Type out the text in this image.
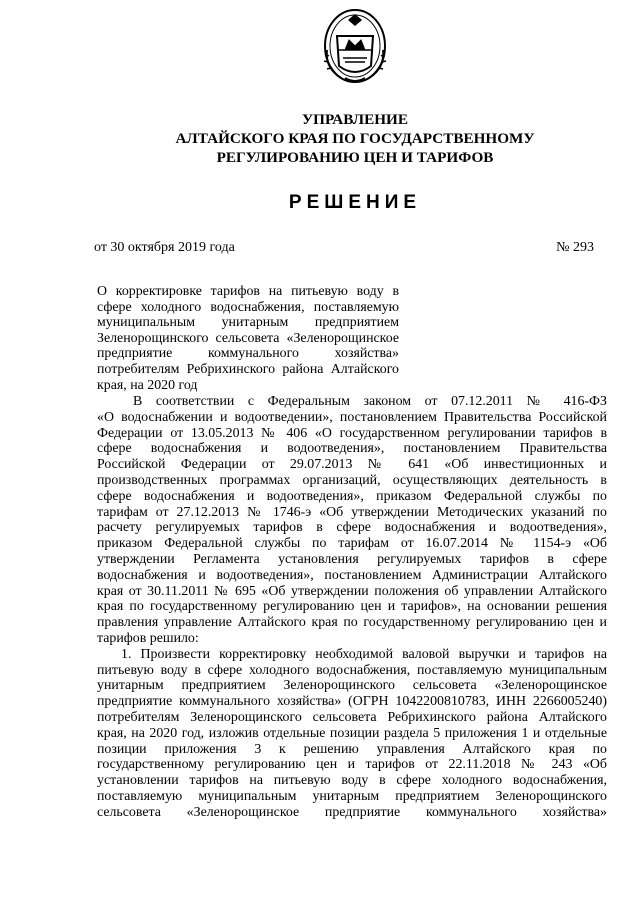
УПРАВЛЕНИЕ
АЛТАЙСКОГО КРАЯ ПО ГОСУДАРСТВЕННОМУ
РЕГУЛИРОВАНИЮ ЦЕН И ТАРИФОВ
РЕШЕНИЕ
от 30 октября 2019 года	№ 293
О корректировке тарифов на питьевую воду в
сфере холодного водоснабжения, поставляемую
муниципальным унитарным предприятием
Зеленорощинского сельсовета «Зеленорощинское
предприятие коммунального хозяйства»
потребителям Ребрихинского района Алтайского
края, на 2020 год
В соответствии с Федеральным законом от 07.12.2011 № 416-ФЗ
«О водоснабжении и водоотведении», постановлением Правительства Российской
Федерации от 13.05.2013 № 406 «О государственном регулировании тарифов в
сфере водоснабжения и водоотведения», постановлением Правительства
Российской Федерации от 29.07.2013 № 641 «Об инвестиционных и
производственных программах организаций, осуществляющих деятельность в
сфере водоснабжения и водоотведения», приказом Федеральной службы по
тарифам от 27.12.2013 № 1746-э «Об утверждении Методических указаний по
расчету регулируемых тарифов в сфере водоснабжения и водоотведения»,
приказом Федеральной службы по тарифам от 16.07.2014 № 1154-э «Об
утверждении Регламента установления регулируемых тарифов в сфере
водоснабжения и водоотведения», постановлением Администрации Алтайского
края от 30.11.2011 № 695 «Об утверждении положения об управлении Алтайского
края по государственному регулированию цен и тарифов», на основании решения
правления управление Алтайского края по государственному регулированию цен и
тарифов решило:
1. Произвести корректировку необходимой валовой выручки и тарифов на
питьевую воду в сфере холодного водоснабжения, поставляемую муниципальным
унитарным предприятием Зеленорощинского сельсовета «Зеленорощинское
предприятие коммунального хозяйства» (ОГРН 1042200810783, ИНН 2266005240)
потребителям Зеленорощинского сельсовета Ребрихинского района Алтайского
края, на 2020 год, изложив отдельные позиции раздела 5 приложения 1 и отдельные
позиции приложения 3 к решению управления Алтайского края по
государственному регулированию цен и тарифов от 22.11.2018 № 243 «Об
установлении тарифов на питьевую воду в сфере холодного водоснабжения,
поставляемую муниципальным унитарным предприятием Зеленорощинского
сельсовета «Зеленорощинское предприятие коммунального хозяйства»
